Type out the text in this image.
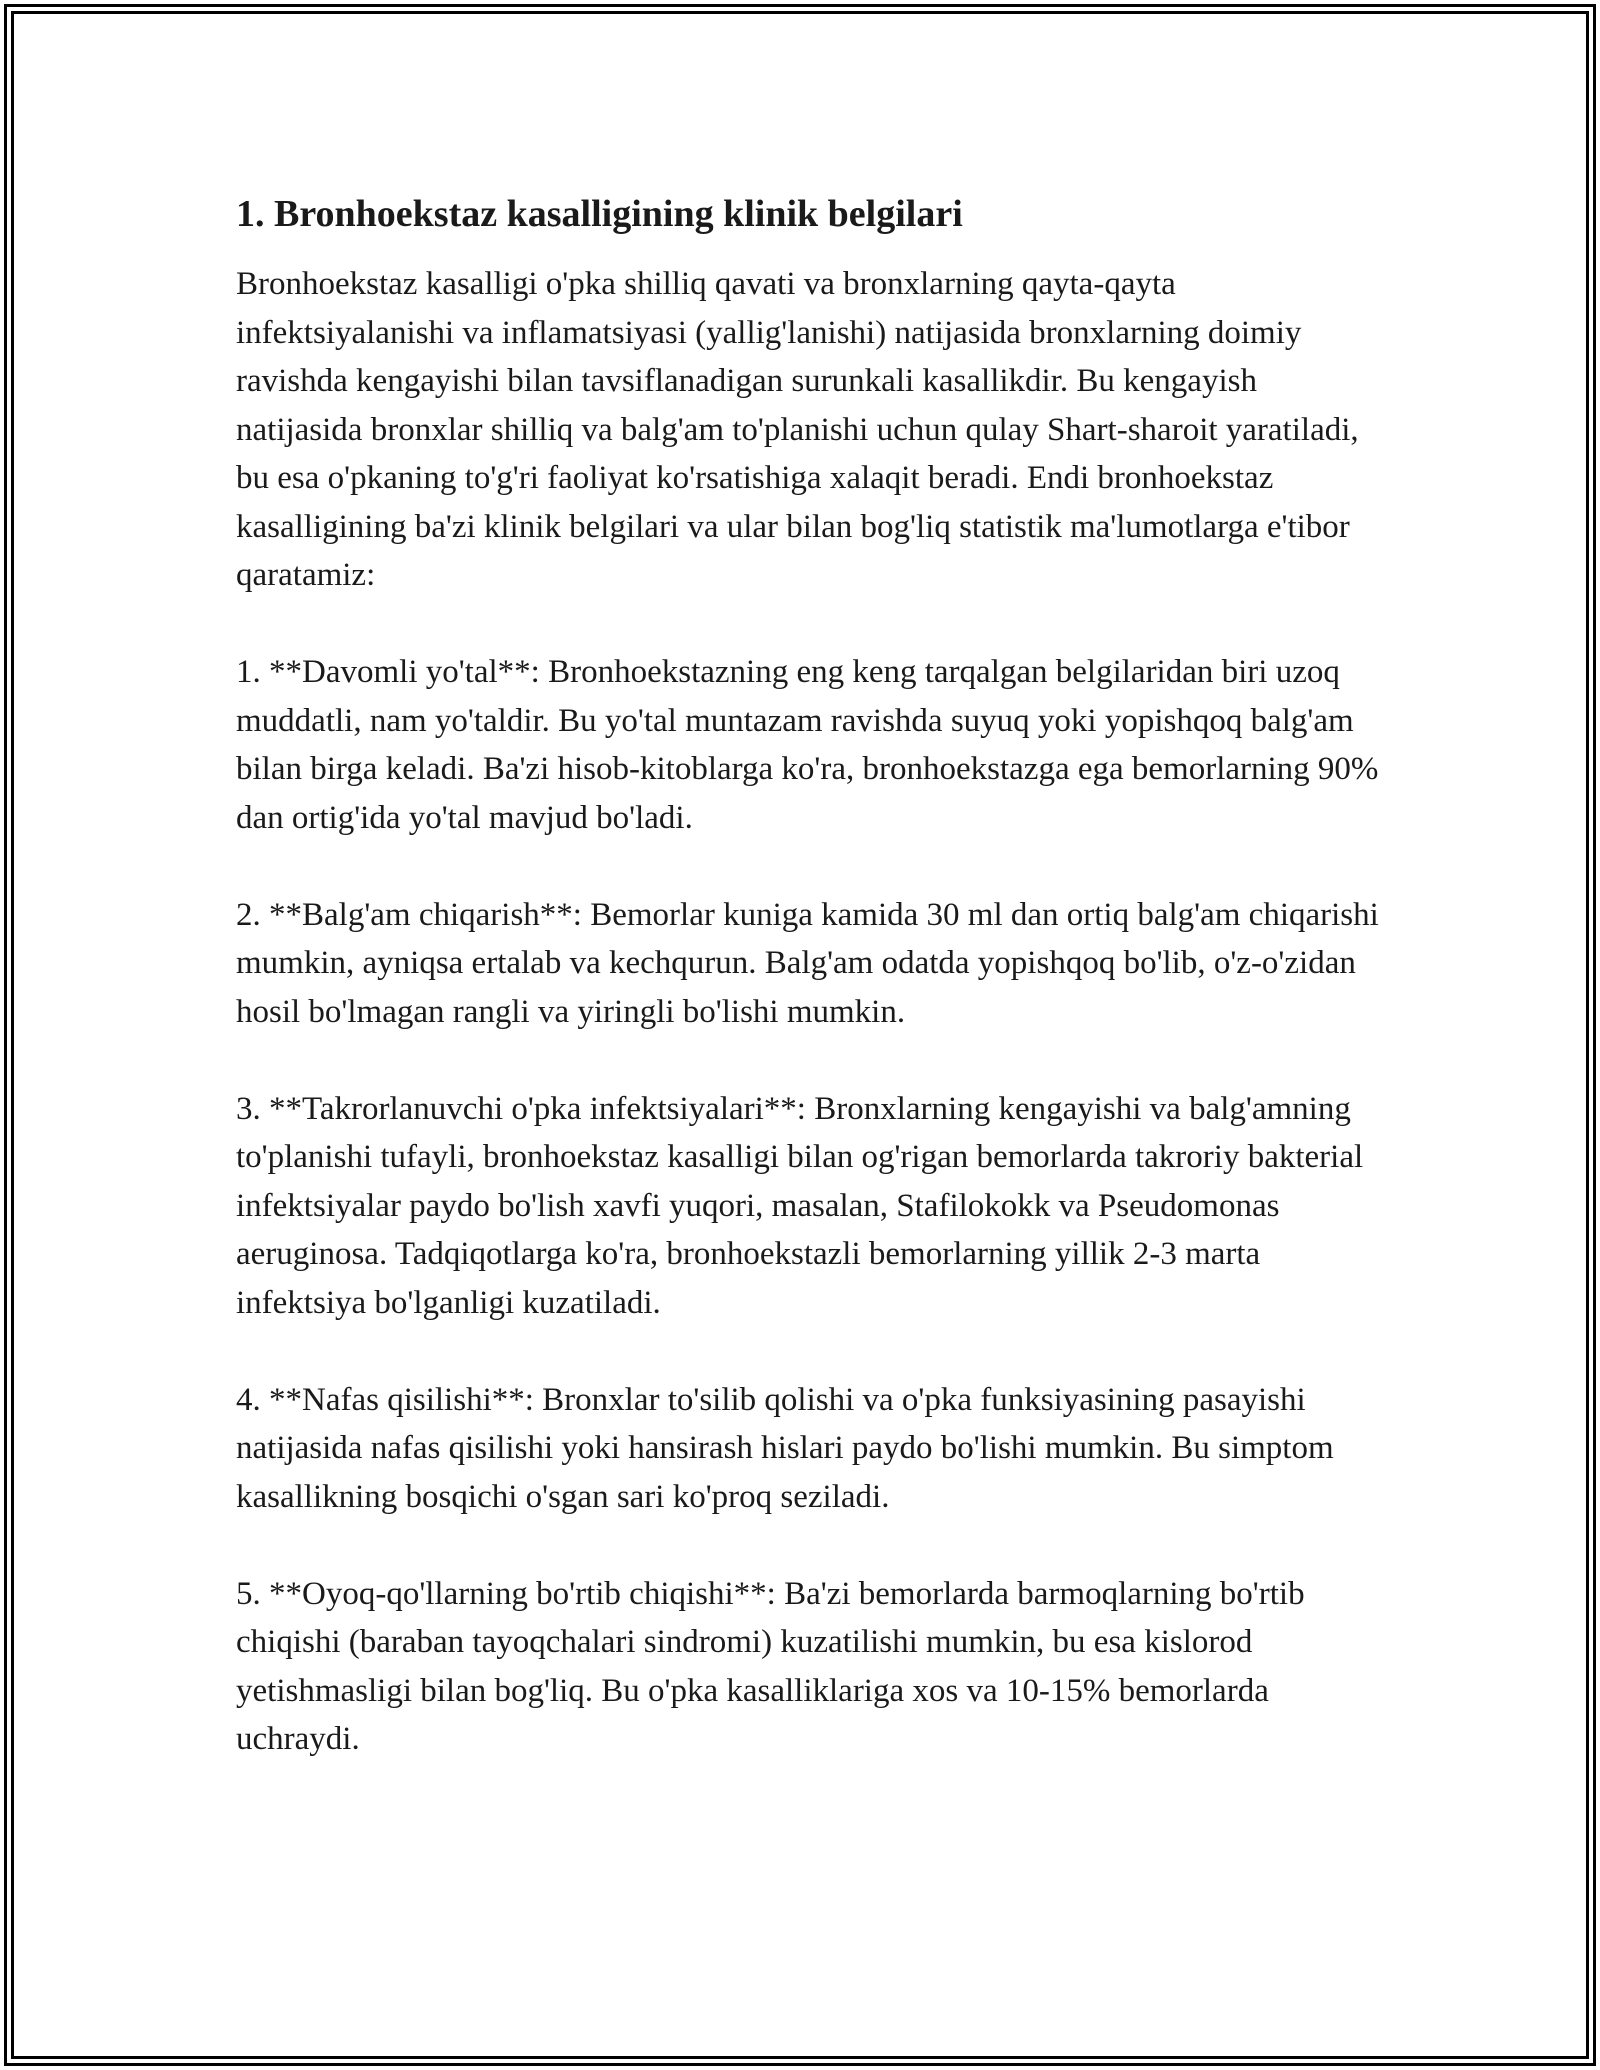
1. Bronhoekstaz kasalligining klinik belgilari

Bronhoekstaz kasalligi o'pka shilliq qavati va bronxlarning qayta-qayta infektsiyalanishi va inflamatsiyasi (yallig'lanishi) natijasida bronxlarning doimiy ravishda kengayishi bilan tavsiflanadigan surunkali kasallikdir. Bu kengayish natijasida bronxlar shilliq va balg'am to'planishi uchun qulay Shart-sharoit yaratiladi, bu esa o'pkaning to'g'ri faoliyat ko'rsatishiga xalaqit beradi. Endi bronhoekstaz kasalligining ba'zi klinik belgilari va ular bilan bog'liq statistik ma'lumotlarga e'tibor qaratamiz:

1. **Davomli yo'tal**: Bronhoekstazning eng keng tarqalgan belgilaridan biri uzoq muddatli, nam yo'taldir. Bu yo'tal muntazam ravishda suyuq yoki yopishqoq balg'am bilan birga keladi. Ba'zi hisob-kitoblarga ko'ra, bronhoekstazga ega bemorlarning 90% dan ortig'ida yo'tal mavjud bo'ladi.

2. **Balg'am chiqarish**: Bemorlar kuniga kamida 30 ml dan ortiq balg'am chiqarishi mumkin, ayniqsa ertalab va kechqurun. Balg'am odatda yopishqoq bo'lib, o'z-o'zidan hosil bo'lmagan rangli va yiringli bo'lishi mumkin.

3. **Takrorlanuvchi o'pka infektsiyalari**: Bronxlarning kengayishi va balg'amning to'planishi tufayli, bronhoekstaz kasalligi bilan og'rigan bemorlarda takroriy bakterial infektsiyalar paydo bo'lish xavfi yuqori, masalan, Stafilokokk va Pseudomonas aeruginosa. Tadqiqotlarga ko'ra, bronhoekstazli bemorlarning yillik 2-3 marta infektsiya bo'lganligi kuzatiladi.

4. **Nafas qisilishi**: Bronxlar to'silib qolishi va o'pka funksiyasining pasayishi natijasida nafas qisilishi yoki hansirash hislari paydo bo'lishi mumkin. Bu simptom kasallikning bosqichi o'sgan sari ko'proq seziladi.

5. **Oyoq-qo'llarning bo'rtib chiqishi**: Ba'zi bemorlarda barmoqlarning bo'rtib chiqishi (baraban tayoqchalari sindromi) kuzatilishi mumkin, bu esa kislorod yetishmasligi bilan bog'liq. Bu o'pka kasalliklariga xos va 10-15% bemorlarda uchraydi.
